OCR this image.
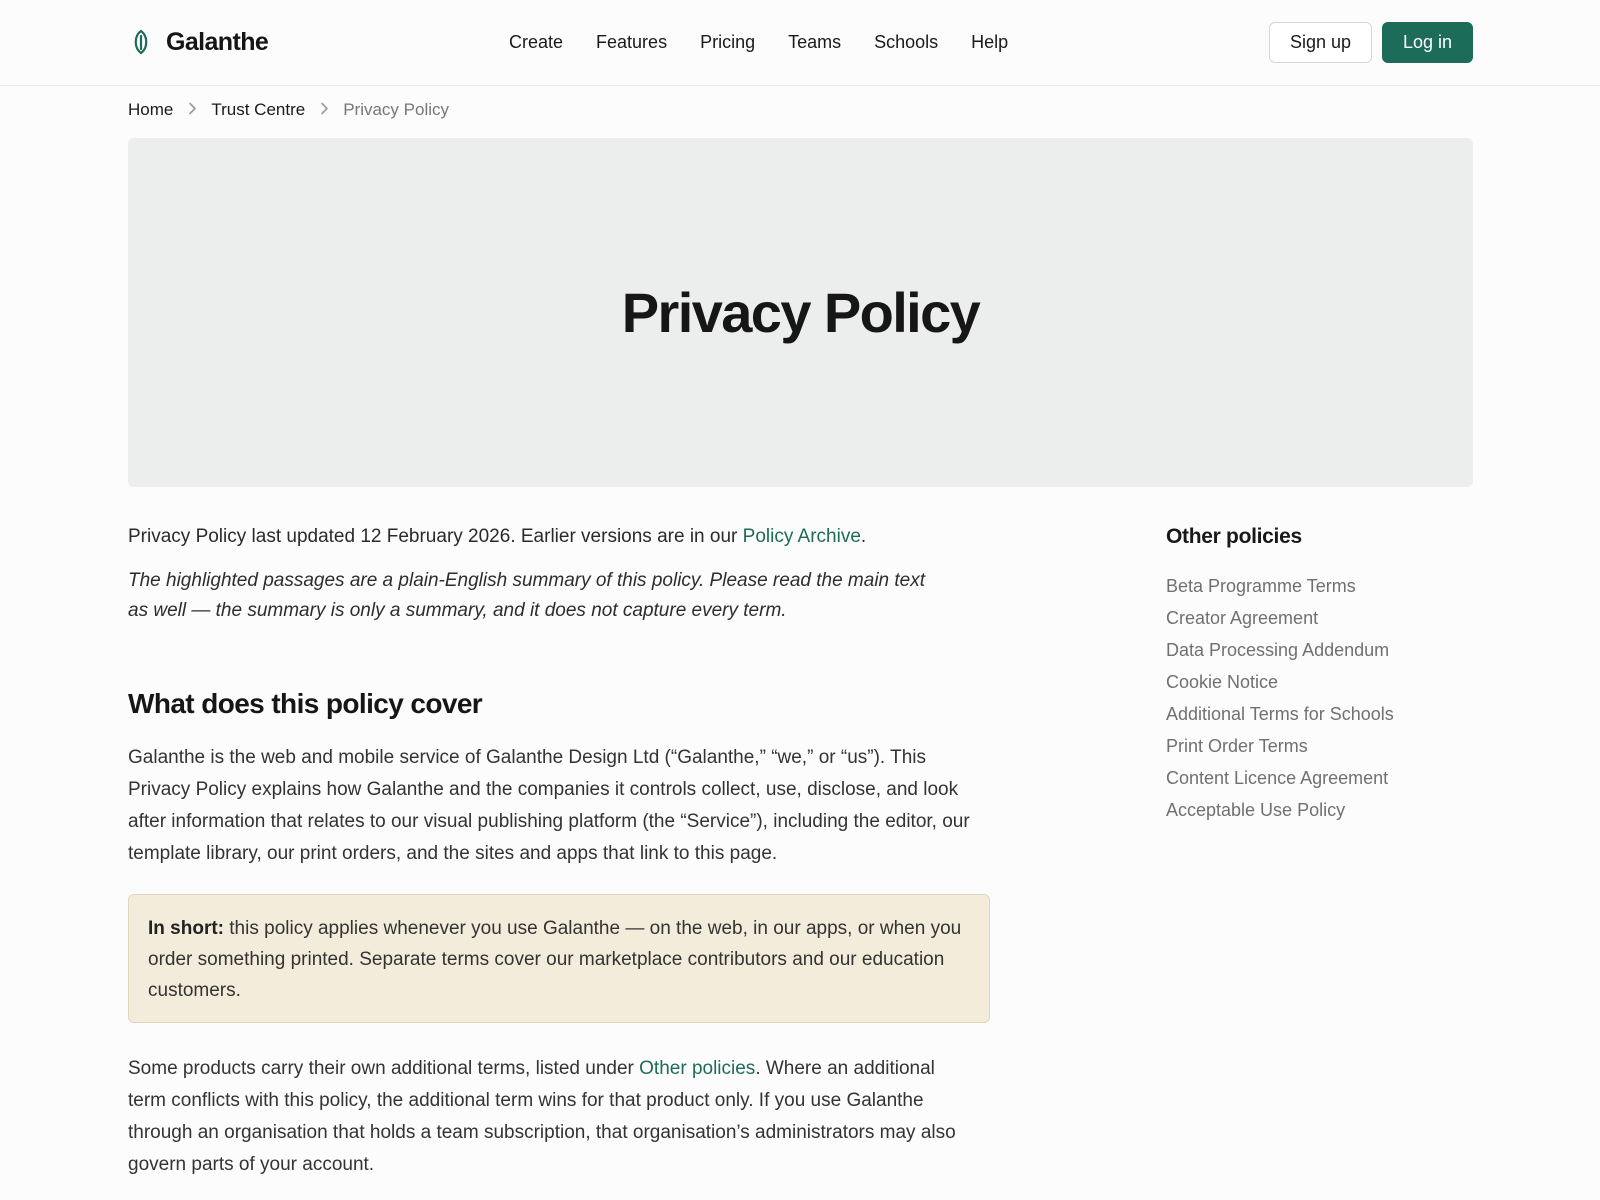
Galanthe	Create Features Pricing Teams Schools Help	Sign up	Log in
Home Trust Centre Privacy Policy
Privacy Policy

Privacy Policy last updated 12 February 2026. Earlier versions are in our Policy Archive.

The highlighted passages are a plain-English summary of this policy. Please read the main text as well — the summary is only a summary, and it does not capture every term.

What does this policy cover

Galanthe is the web and mobile service of Galanthe Design Ltd (“Galanthe,” “we,” or “us”). This Privacy Policy explains how Galanthe and the companies it controls collect, use, disclose, and look after information that relates to our visual publishing platform (the “Service”), including the editor, our template library, our print orders, and the sites and apps that link to this page.

In short: this policy applies whenever you use Galanthe — on the web, in our apps, or when you order something printed. Separate terms cover our marketplace contributors and our education customers.

Some products carry their own additional terms, listed under Other policies. Where an additional term conflicts with this policy, the additional term wins for that product only. If you use Galanthe through an organisation that holds a team subscription, that organisation’s administrators may also govern parts of your account.

Other policies
Beta Programme Terms
Creator Agreement
Data Processing Addendum
Cookie Notice
Additional Terms for Schools
Print Order Terms
Content Licence Agreement
Acceptable Use Policy
